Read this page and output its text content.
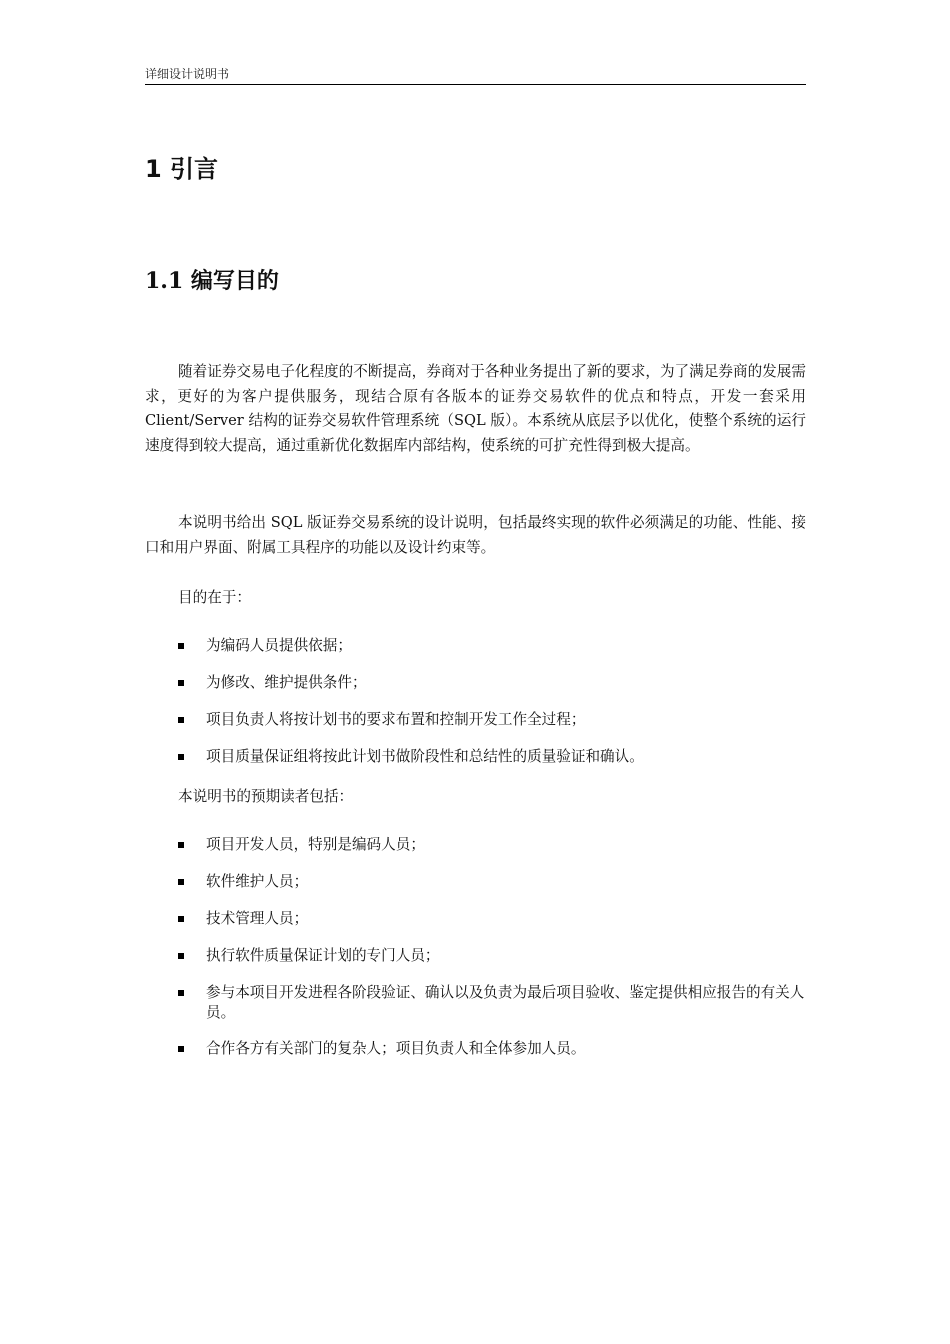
详细设计说明书
1 引言
1.1 编写目的

随着证券交易电子化程度的不断提高，券商对于各种业务提出了新的要求，为了满足券商的发展需求，更好的为客户提供服务，现结合原有各版本的证券交易软件的优点和特点，开发一套采用 Client/Server 结构的证券交易软件管理系统（SQL 版）。本系统从底层予以优化，使整个系统的运行速度得到较大提高，通过重新优化数据库内部结构，使系统的可扩充性得到极大提高。

本说明书给出 SQL 版证券交易系统的设计说明，包括最终实现的软件必须满足的功能、性能、接口和用户界面、附属工具程序的功能以及设计约束等。

目的在于：

为编码人员提供依据；
为修改、维护提供条件；
项目负责人将按计划书的要求布置和控制开发工作全过程；
项目质量保证组将按此计划书做阶段性和总结性的质量验证和确认。

本说明书的预期读者包括：

项目开发人员，特别是编码人员；
软件维护人员；
技术管理人员；
执行软件质量保证计划的专门人员；
参与本项目开发进程各阶段验证、确认以及负责为最后项目验收、鉴定提供相应报告的有关人员。
合作各方有关部门的复杂人；项目负责人和全体参加人员。
